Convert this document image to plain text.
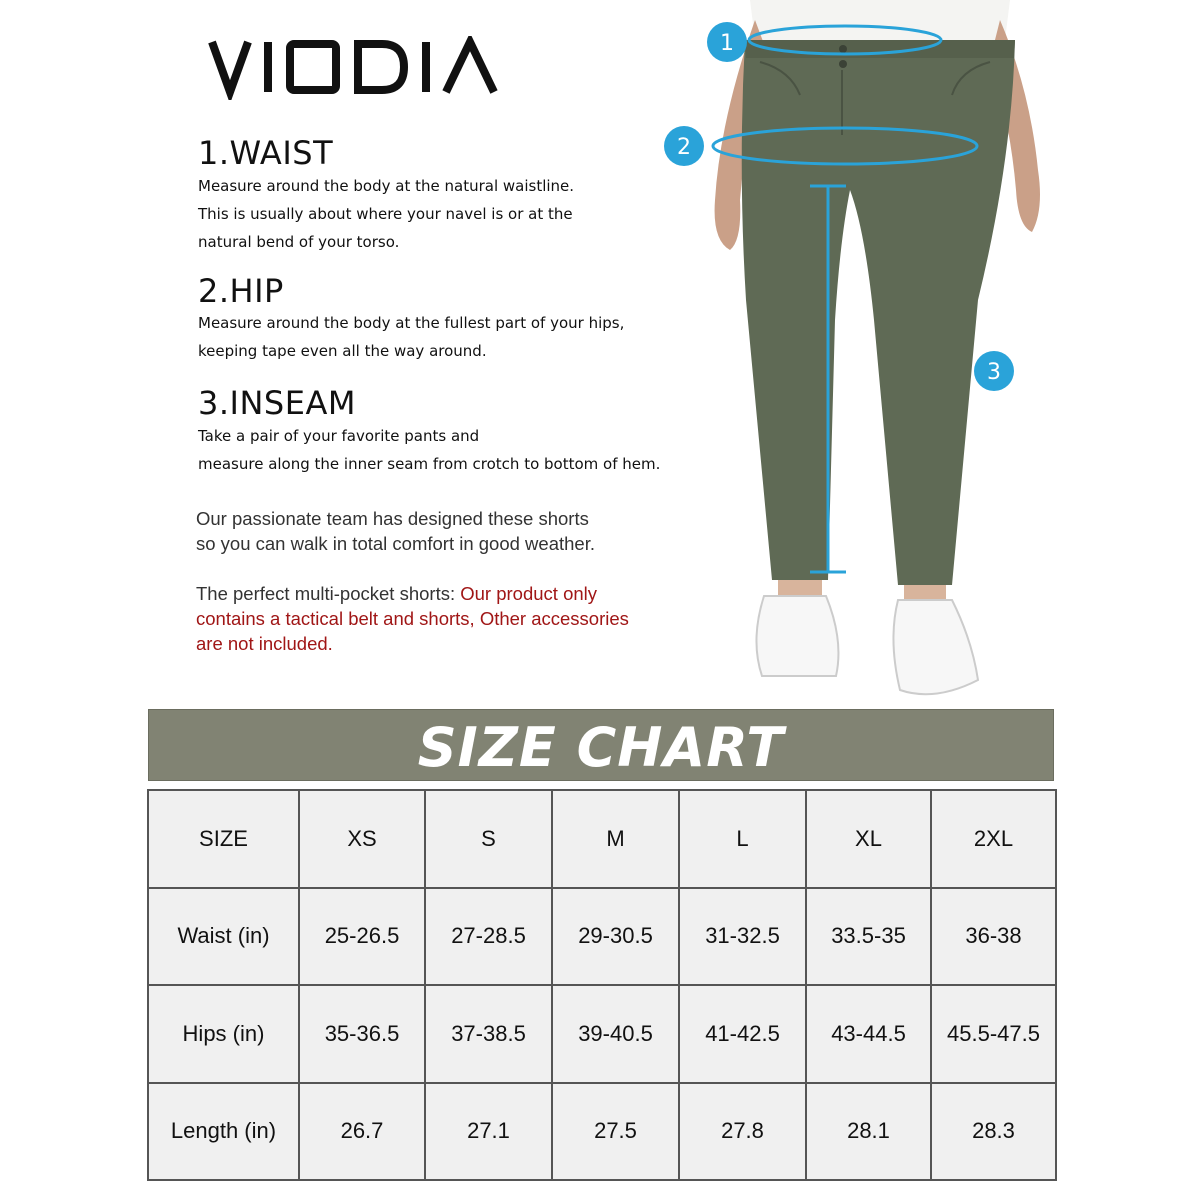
1.WAIST
Measure around the body at the natural waistline.
This is usually about where your navel is or at the
natural bend of your torso.
2.HIP
Measure around the body at the fullest part of your hips,
keeping tape even all the way around.
3.INSEAM
Take a pair of your favorite pants and
measure along the inner seam from crotch to bottom of hem.
Our passionate team has designed these shorts
so you can walk in total comfort in good weather.
The perfect multi-pocket shorts: Our product only
contains a tactical belt and shorts, Other accessories
are not included.
1
2
3
SIZE CHART
SIZE	XS	S	M	L	XL	2XL
Waist (in)	25-26.5	27-28.5	29-30.5	31-32.5	33.5-35	36-38
Hips (in)	35-36.5	37-38.5	39-40.5	41-42.5	43-44.5	45.5-47.5
Length (in)	26.7	27.1	27.5	27.8	28.1	28.3
